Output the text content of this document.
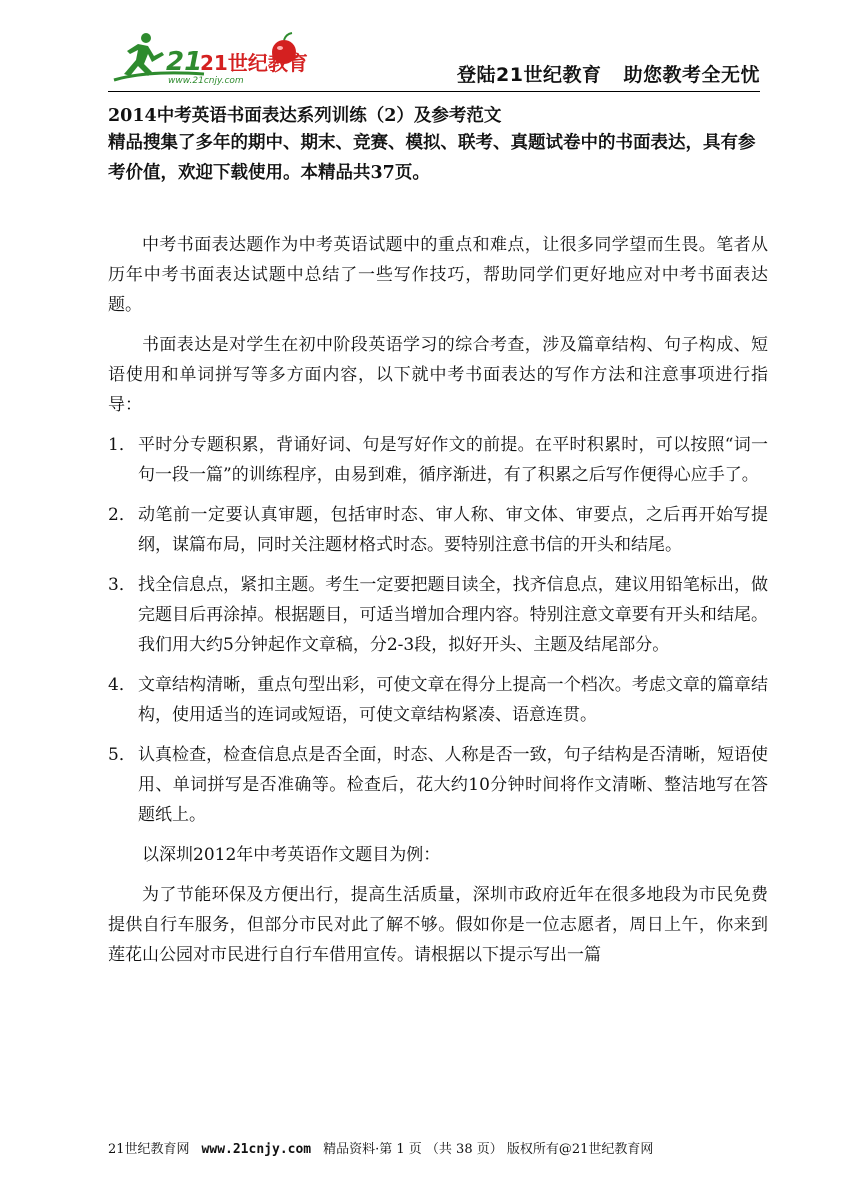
21
21世纪教育
www.21cnjy.com	登陆21世纪教育 助您教考全无忧
2014中考英语书面表达系列训练（2）及参考范文
精品搜集了多年的期中、期末、竞赛、模拟、联考、真题试卷中的书面表达，具有参考价值，欢迎下载使用。本精品共37页。

中考书面表达题作为中考英语试题中的重点和难点，让很多同学望而生畏。笔者从历年中考书面表达试题中总结了一些写作技巧，帮助同学们更好地应对中考书面表达题。

书面表达是对学生在初中阶段英语学习的综合考查，涉及篇章结构、句子构成、短语使用和单词拼写等多方面内容，以下就中考书面表达的写作方法和注意事项进行指导：

1． 平时分专题积累，背诵好词、句是写好作文的前提。在平时积累时，可以按照“词一句一段一篇”的训练程序，由易到难，循序渐进，有了积累之后写作便得心应手了。
2． 动笔前一定要认真审题，包括审时态、审人称、审文体、审要点，之后再开始写提纲，谋篇布局，同时关注题材格式时态。要特别注意书信的开头和结尾。
3． 找全信息点，紧扣主题。考生一定要把题目读全，找齐信息点，建议用铅笔标出，做完题目后再涂掉。根据题目，可适当增加合理内容。特别注意文章要有开头和结尾。我们用大约5分钟起作文章稿，分2-3段，拟好开头、主题及结尾部分。
4． 文章结构清晰，重点句型出彩，可使文章在得分上提高一个档次。考虑文章的篇章结构，使用适当的连词或短语，可使文章结构紧凑、语意连贯。
5． 认真检查，检查信息点是否全面，时态、人称是否一致，句子结构是否清晰，短语使用、单词拼写是否准确等。检查后，花大约10分钟时间将作文清晰、整洁地写在答题纸上。

以深圳2012年中考英语作文题目为例：

为了节能环保及方便出行，提高生活质量，深圳市政府近年在很多地段为市民免费提供自行车服务，但部分市民对此了解不够。假如你是一位志愿者，周日上午，你来到莲花山公园对市民进行自行车借用宣传。请根据以下提示写出一篇

21世纪教育网 www.21cnjy.com 精品资料·第 1 页 （共 38 页） 版权所有@21世纪教育网
